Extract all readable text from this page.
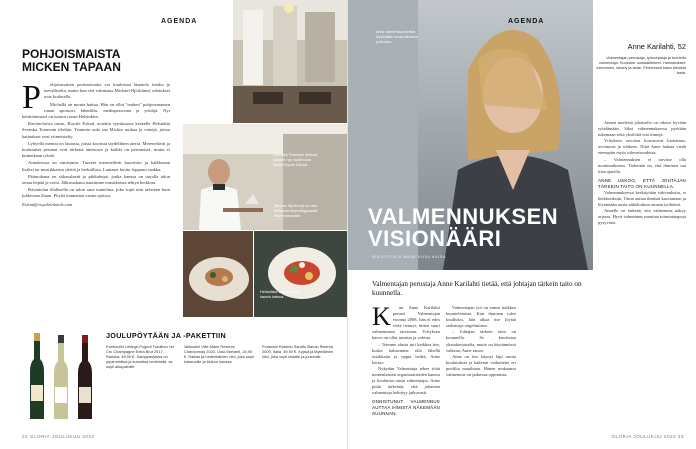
AGENDA
POHJOISMAISTA MICKEN TAPAAN
P	ohjoismaisen perinneruoka voi kuulostaa läsnäolo tutulta ja turvalliselta, mutta kun sitä valmistaa Michael Björklund, odotukset ovat korkealla.

Michellä on monta hattua. Hän on ollut "maben" pohjoismainen ruuan sponsori, lähettiläs, mediapersoona ja yrittäjä. Nyt keittiömestari on tuonut ruoan Helsinkiin.

Ravintoloista uusin, Royale Estrad, avattiin syyskuussa keskelle Helsinkiä Svenska Teaternin tiloihin. Teatterin aula saa Mickin ruokaa ja viinejä, joissa kattaukset ovat viimeistelty.

Lyhyellä menuu on lautasia, joista koostuu täydellinen ateria. Merenelävät ja kotimaiset perunat ovat tärkeitä ainesosia ja kaikki on perinteistä, mutta ei kuitenkaan tylsää.

Annoksissa on onnistuttu. Tuoreet merenelävät kuorittiin ja kalkkunan lisäksi on mustikkaista siistiä ja herkullista. Lautaset hiottu loppuun saakka.

Pääruokana on siikasalaatti ja pikkuleipä, jonka kanssa on tarjolla talon omaa leipää ja voita. Jälkiruokana nautimme mustikoista tehtyä herkkua.

Ravintolan illallisella on talon oma tunnelma, joka sopii niin arkiseen kuin juhlavaan iltaan. Pöytiä kannattaa varata ajoissa.

Estrad@royaleinlotels.com

Svenska Teaternin tiloissa pääsee nyt nauttimaan myös Royale Estrad.
Michael Björklund on taitu huikeasti etuprelagoaastä Ahvenanmaalle.
Herkullisia annoksia on kaunis katsoa.
JOULUPÖYTÄÄN JA -PAKETTIIN
Kuohuviini Lelarge-Pugeot Tradition 1er Cru Champagne Extra Brut 2017, Ranska, 49,90 €. Samppanjassa on piparminttua ja kuivattua hedelmää, se sopii alkupaloille.
Valkoviini Ville Marie Reserve Chardonnay 2020, Uusi-Seelanti, 24,90 €. Raikas ja hedelmäinen viini, joka sopii kalaruoille ja kinkun kanssa.
Punaviini Roberto Sarotto Barolo Riserva 2009, Italia, 49,90 €. Kypsä ja täyteläinen viini, joka sopii riistalle ja juustoille.
22 GLORIA JOULUKUU 2022
AGENDA
Anne valmentaa ihmisiä löytämään omannäköisen polkunsa.
VALMENNUKSEN
VISIONÄÄRI
KIRJOITTAJA ANNE KUVA KAISA
Anne Karilahti, 52
Valmentajan perustaja, työnohjaaja ja tunnettu valmentaja. Koulutus: sosiaalitieteet. Harrastukset: lukeminen, kävely ja taide. Perheessä kaksi aikuista lasta.
Valmentajan perustaja Anne Karilahti tietää, että johtajan tärkein taito on kuunnella.
K	un Anne Karilahti perusti Valmentajan vuonna 2008, hän ei edes vielä tiennyt, miten suuri valmennusta tarvitaan. Yrityksen kasvu on ollut tasaista ja vahvaa.

– Teimme alusta asti kaikkea itse, koska halusimme olla lähellä asiakkaita ja oppia heiltä, Anne kertoo.

Nykyään Valmentaja tekee töitä monenlaisten organisaatioiden kanssa ja kouluttaa uusia valmentajia. Anne pitää tärkeänä, että jokainen valmentaja kehittyy jatkuvasti.

ONNISTUNUT VALMENNUS AUTTAA IHMISTÄ NÄKEMÄÄN SUUNNAN.

Valmentajan työ on ennen kaikkea kuuntelemista. Kun ihminen tulee kuulluksi, hän alkaa itse löytää ratkaisuja ongelmiinsa.

– Johtajan tärkein taito on kuunnella. Se kuulostaa yksinkertaiselta, mutta on käytännössä vaikeaa, Anne sanoo.

Anne on itse käynyt läpi useita koulutuksia ja hakenut vaikutteita eri puolilta maailmaa. Hänen mukaansa valmennus on jatkuvaa oppimista.

Annen mielestä jokaisella on oikeus hyvään työelämään. Siksi valmennuksessa pyritään tukemaan sekä yksilöitä että tiimejä.

Yrityksen arvoissa korostuvat luottamus, avoimuus ja rohkeus. Niitä Anne haluaa viedä eteenpäin myös tulevaisuudessa.

– Valmennuksen ei tarvitse olla monimutkaista. Tärkeintä on, että ihminen saa tilaa ajatella.

ANNE USKOO, ETTÄ JOHTAJAN TÄRKEIN TAITO ON KUUNNELLA.

Valmennuksessa keskitytään vahvuuksiin, ei heikkouksiin. Tämä auttaa ihmisiä kasvamaan ja löytämään uusia näkökulmia omaan työhönsä.

Annelle on tärkeää, että valmennus näkyy arjessa. Hyvä valmennus muuttaa toimintatapoja pysyvästi.

GLORIA JOULUKUU 2022 23
